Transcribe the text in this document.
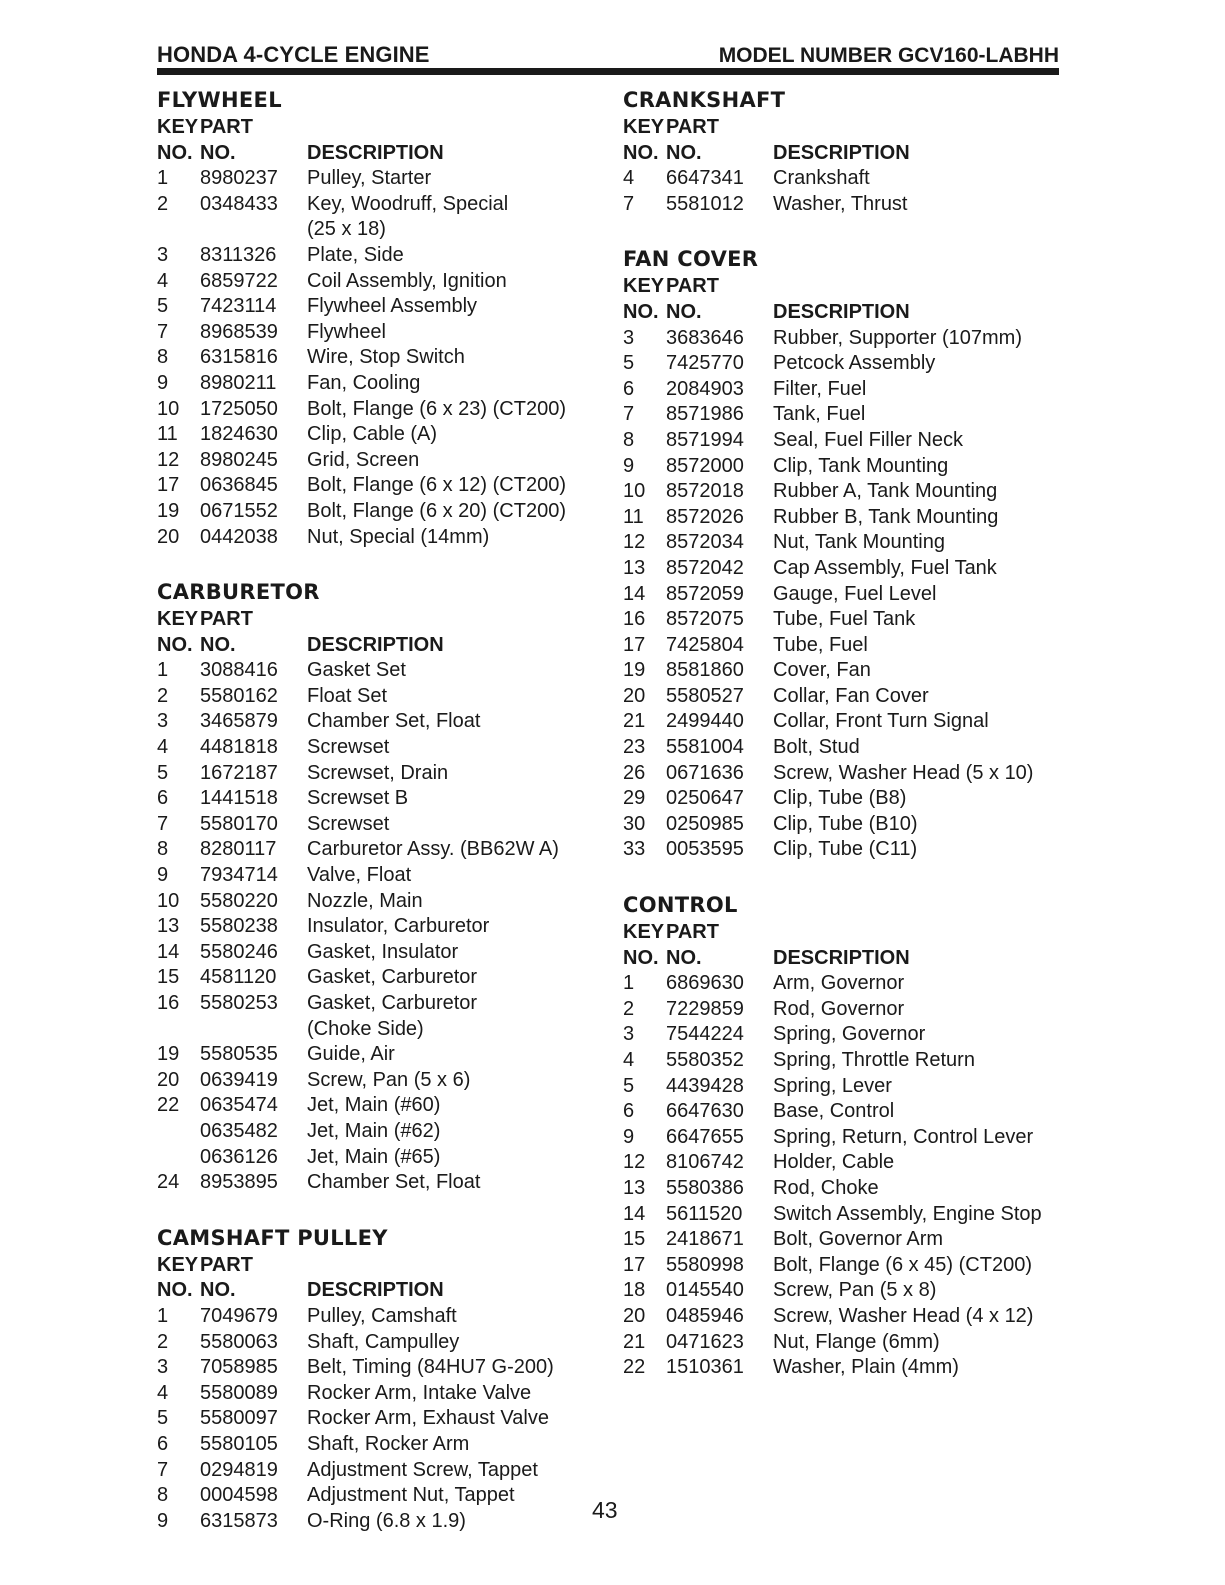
HONDA 4-CYCLE ENGINE	MODEL NUMBER GCV160-LABHH
FLYWHEEL
KEY PART
NO. NO.	DESCRIPTION
1 8980237 Pulley, Starter
2 0348433 Key, Woodruff, Special
(25 x 18)
3 8311326 Plate, Side
4 6859722 Coil Assembly, Ignition
5 7423114 Flywheel Assembly
7 8968539 Flywheel
8 6315816 Wire, Stop Switch
9 8980211 Fan, Cooling
10 1725050 Bolt, Flange (6 x 23) (CT200)
11 1824630 Clip, Cable (A)
12 8980245 Grid, Screen
17 0636845 Bolt, Flange (6 x 12) (CT200)
19 0671552 Bolt, Flange (6 x 20) (CT200)
20 0442038 Nut, Special (14mm)
CARBURETOR
KEY PART
NO. NO.	DESCRIPTION
1 3088416 Gasket Set
2 5580162 Float Set
3 3465879 Chamber Set, Float
4 4481818 Screwset
5 1672187 Screwset, Drain
6 1441518 Screwset B
7 5580170 Screwset
8 8280117 Carburetor Assy. (BB62W A)
9 7934714 Valve, Float
10 5580220 Nozzle, Main
13 5580238 Insulator, Carburetor
14 5580246 Gasket, Insulator
15 4581120 Gasket, Carburetor
16 5580253 Gasket, Carburetor
(Choke Side)
19 5580535 Guide, Air
20 0639419 Screw, Pan (5 x 6)
22 0635474 Jet, Main (#60)
0635482 Jet, Main (#62)
0636126 Jet, Main (#65)
24 8953895 Chamber Set, Float
CAMSHAFT PULLEY
KEY PART
NO. NO.	DESCRIPTION
1 7049679 Pulley, Camshaft
2 5580063 Shaft, Campulley
3 7058985 Belt, Timing (84HU7 G-200)
4 5580089 Rocker Arm, Intake Valve
5 5580097 Rocker Arm, Exhaust Valve
6 5580105 Shaft, Rocker Arm
7 0294819 Adjustment Screw, Tappet
8 0004598 Adjustment Nut, Tappet
9 6315873 O-Ring (6.8 x 1.9)
CRANKSHAFT
KEY PART
NO. NO.	DESCRIPTION
4 6647341 Crankshaft
7 5581012 Washer, Thrust
FAN COVER
KEY PART
NO. NO.	DESCRIPTION
3 3683646 Rubber, Supporter (107mm)
5 7425770 Petcock Assembly
6 2084903 Filter, Fuel
7 8571986 Tank, Fuel
8 8571994 Seal, Fuel Filler Neck
9 8572000 Clip, Tank Mounting
10 8572018 Rubber A, Tank Mounting
11 8572026 Rubber B, Tank Mounting
12 8572034 Nut, Tank Mounting
13 8572042 Cap Assembly, Fuel Tank
14 8572059 Gauge, Fuel Level
16 8572075 Tube, Fuel Tank
17 7425804 Tube, Fuel
19 8581860 Cover, Fan
20 5580527 Collar, Fan Cover
21 2499440 Collar, Front Turn Signal
23 5581004 Bolt, Stud
26 0671636 Screw, Washer Head (5 x 10)
29 0250647 Clip, Tube (B8)
30 0250985 Clip, Tube (B10)
33 0053595 Clip, Tube (C11)
CONTROL
KEY PART
NO. NO.	DESCRIPTION
1 6869630 Arm, Governor
2 7229859 Rod, Governor
3 7544224 Spring, Governor
4 5580352 Spring, Throttle Return
5 4439428 Spring, Lever
6 6647630 Base, Control
9 6647655 Spring, Return, Control Lever
12 8106742 Holder, Cable
13 5580386 Rod, Choke
14 5611520 Switch Assembly, Engine Stop
15 2418671 Bolt, Governor Arm
17 5580998 Bolt, Flange (6 x 45) (CT200)
18 0145540 Screw, Pan (5 x 8)
20 0485946 Screw, Washer Head (4 x 12)
21 0471623 Nut, Flange (6mm)
22 1510361 Washer, Plain (4mm)
43
